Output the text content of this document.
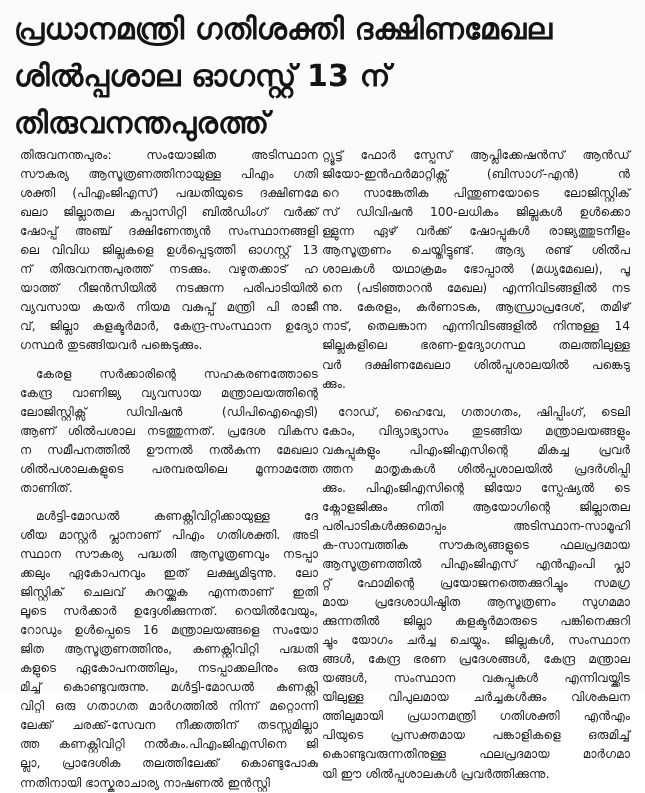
പ്രധാനമന്ത്രി ഗതിശക്തി ദക്ഷിണമേഖല
ശിൽപ്പശാല ഓഗസ്റ്റ് 13 ന്
തിരുവനന്തപുരത്ത്
തിരുവനന്തപുരം: സംയോജിത അടിസ്ഥാന
സൗകര്യ ആസൂത്രണത്തിനായുള്ള പിഎം ഗതി
ശക്തി (പിഎംജിഎസ്) പദ്ധതിയുടെ ദക്ഷിണമേ
ഖലാ ജില്ലാതല കപ്പാസിറ്റി ബിൽഡിംഗ് വർക്ക്
ഷോപ്പ് അഞ്ച് ദക്ഷിണേന്ത്യൻ സംസ്ഥാനങ്ങളി
ലെ വിവിധ ജില്ലകളെ ഉൾപ്പെടുത്തി ഓഗസ്റ്റ് 13
ന് തിരുവനന്തപുരത്ത് നടക്കും. വഴുതക്കാട് ഹ
യാത്ത് റീജൻസിയിൽ നടക്കുന്ന പരിപാടിയിൽ
വ്യവസായ കയർ നിയമ വകുപ്പ് മന്ത്രി പി രാജീ
വ്, ജില്ലാ കളക്ടർമാർ, കേന്ദ്ര-സംസ്ഥാന ഉദ്യോ
ഗസ്ഥർ തുടങ്ങിയവർ പങ്കെടുക്കും.
കേരള സർക്കാരിന്റെ സഹകരണത്തോടെ
കേന്ദ്ര വാണിജ്യ വ്യവസായ മന്ത്രാലയത്തിന്റെ
ലോജിസ്റ്റിക്സ് ഡിവിഷൻ (ഡിപിഐഐടി)
ആണ് ശിൽപശാല നടത്തുന്നത്. പ്രദേശ വികസ
ന സമീപനത്തിൽ ഊന്നൽ നൽകുന്ന മേഖലാ
ശിൽപശാലകളുടെ പരമ്പരയിലെ മൂന്നാമത്തേ
താണിത്.
മൾട്ടി-മോഡൽ കണക്റ്റിവിറ്റിക്കായുള്ള ദേ
ശീയ മാസ്റ്റർ പ്ലാനാണ് പിഎം ഗതിശക്തി. അടി
സ്ഥാന സൗകര്യ പദ്ധതി ആസൂത്രണവും നടപ്പാ
ക്കലും ഏകോപനവും ഇത് ലക്ഷ്യമിടുന്നു. ലോ
ജിസ്റ്റിക് ചെലവ് കുറയ്ക്കുക എന്നതാണ് ഇതി
ലൂടെ സർക്കാർ ഉദ്ദേശിക്കുന്നത്. റെയിൽവേയും,
റോഡും ഉൾപ്പെടെ 16 മന്ത്രാലയങ്ങളെ സംയോ
ജിത ആസൂത്രണത്തിനും, കണക്റ്റിവിറ്റി പദ്ധതി
കളുടെ ഏകോപനത്തിലും, നടപ്പാക്കലിനും ഒരു
മിച്ച് കൊണ്ടുവരുന്നു. മൾട്ടി-മോഡൽ കണക്റ്റി
വിറ്റി ഒരു ഗതാഗത മാർഗത്തിൽ നിന്ന് മറ്റൊന്നി
ലേക്ക് ചരക്ക്-സേവന നീക്കത്തിന് തടസ്സമില്ലാ
ത്ത കണക്റ്റിവിറ്റി നൽകും.പിഎംജിഎസിനെ ജി
ല്ലാ, പ്രാദേശിക തലത്തിലേക്ക് കൊണ്ടുപോകു
ന്നതിനായി ഭാസ്കരാചാര്യ നാഷണൽ ഇൻസ്റ്റി
റ്റ്യൂട്ട് ഫോർ സ്പേസ് ആപ്ലിക്കേഷൻസ് ആൻഡ്
ജിയോ-ഇൻഫർമാറ്റിക്സ് (ബിസാഗ്-എൻ) ൻ
റെ സാങ്കേതിക പിന്തുണയോടെ ലോജിസ്റ്റിക്
സ് ഡിവിഷൻ 100-ലധികം ജില്ലകൾ ഉൾക്കൊ
ള്ളുന്ന ഏഴ് വർക്ക് ഷോപ്പുകൾ രാജ്യത്തുടനീളം
ആസൂത്രണം ചെയ്തിട്ടുണ്ട്. ആദ്യ രണ്ട് ശിൽപ
ശാലകൾ യഥാക്രമം ഭോപ്പാൽ (മധ്യമേഖല), പൂ
നെ (പടിഞ്ഞാറൻ മേഖല) എന്നിവിടങ്ങളിൽ നട
ന്നു. കേരളം, കർണാടക, ആന്ധ്രാപ്രദേശ്, തമിഴ്
നാട്, തെലങ്കാന എന്നിവിടങ്ങളിൽ നിന്നുള്ള 14
ജില്ലകളിലെ ഭരണ-ഉദ്യോഗസ്ഥ തലത്തിലുള്ള
വർ ദക്ഷിണമേഖലാ ശിൽപ്പശാലയിൽ പങ്കെടു
ക്കും.
റോഡ്, ഹൈവേ, ഗതാഗതം, ഷിപ്പിംഗ്, ടെലി
കോം, വിദ്യാഭ്യാസം തുടങ്ങിയ മന്ത്രാലയങ്ങളും
വകുപ്പുകളും പിഎംജിഎസിന്റെ മികച്ച പ്രവർ
ത്തന മാതൃകകൾ ശിൽപ്പശാലയിൽ പ്രദർശിപ്പി
ക്കും. പിഎംജിഎസിന്റെ ജിയോ സ്പേഷ്യൽ ടെ
ക്നോളജിക്കും നിതി ആയോഗിന്റെ ജില്ലാതല
പരിപാടികൾക്കുമൊപ്പം അടിസ്ഥാന-സാമൂഹി
ക-സാമ്പത്തിക സൗകര്യങ്ങളുടെ ഫലപ്രദമായ
ആസൂത്രണത്തിൽ പിഎംജിഎസ് എൻഎംപി പ്ലാ
റ്റ് ഫോമിന്റെ പ്രയോജനത്തെക്കുറിച്ചും സമഗ്ര
മായ പ്രദേശാധിഷ്ഠിത ആസൂത്രണം സുഗമമാ
ക്കുന്നതിൽ ജില്ലാ കളക്ടർമാരുടെ പങ്കിനെക്കുറി
ച്ചും യോഗം ചർച്ച ചെയ്യും. ജില്ലകൾ, സംസ്ഥാന
ങ്ങൾ, കേന്ദ്ര ഭരണ പ്രദേശങ്ങൾ, കേന്ദ്ര മന്ത്രാല
യങ്ങൾ, സംസ്ഥാന വകുപ്പുകൾ എന്നിവയ്ക്കിട
യിലുള്ള വിപുലമായ ചർച്ചകൾക്കും വിശകലന
ത്തിലുമായി പ്രധാനമന്ത്രി ഗതിശക്തി എൻഎം
പിയുടെ പ്രസക്തമായ പങ്കാളികളെ ഒരുമിച്ച്
കൊണ്ടുവരുന്നതിനുള്ള ഫലപ്രദമായ മാർഗമാ
യി ഈ ശിൽപ്പശാലകൾ പ്രവർത്തിക്കുന്നു.
